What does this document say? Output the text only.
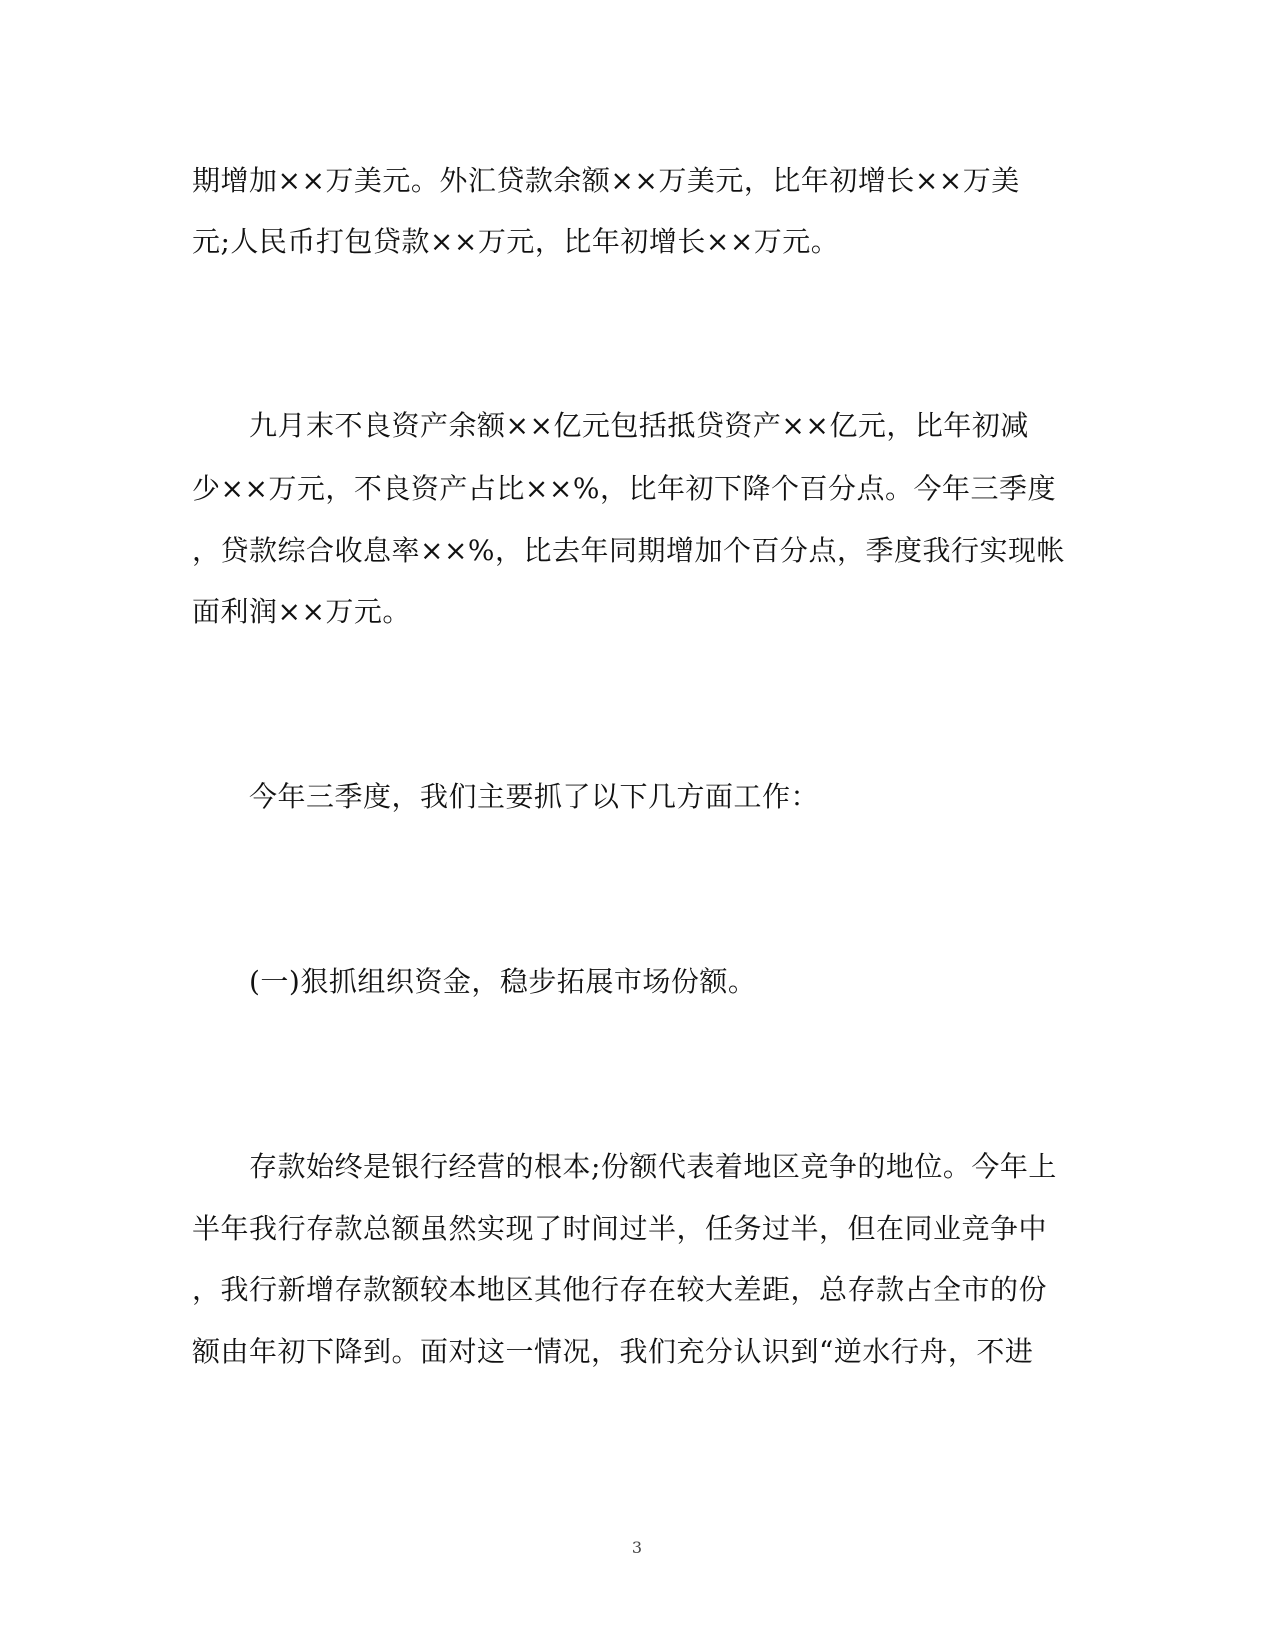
期增加××万美元。外汇贷款余额××万美元，比年初增长××万美
元;人民币打包贷款××万元，比年初增长××万元。
九月末不良资产余额××亿元包括抵贷资产××亿元，比年初减
少××万元，不良资产占比××%，比年初下降个百分点。今年三季度
，贷款综合收息率××%，比去年同期增加个百分点，季度我行实现帐
面利润××万元。
今年三季度，我们主要抓了以下几方面工作：
(一)狠抓组织资金，稳步拓展市场份额。
存款始终是银行经营的根本;份额代表着地区竞争的地位。今年上
半年我行存款总额虽然实现了时间过半，任务过半，但在同业竞争中
，我行新增存款额较本地区其他行存在较大差距，总存款占全市的份
额由年初下降到。面对这一情况，我们充分认识到“逆水行舟，不进
3
